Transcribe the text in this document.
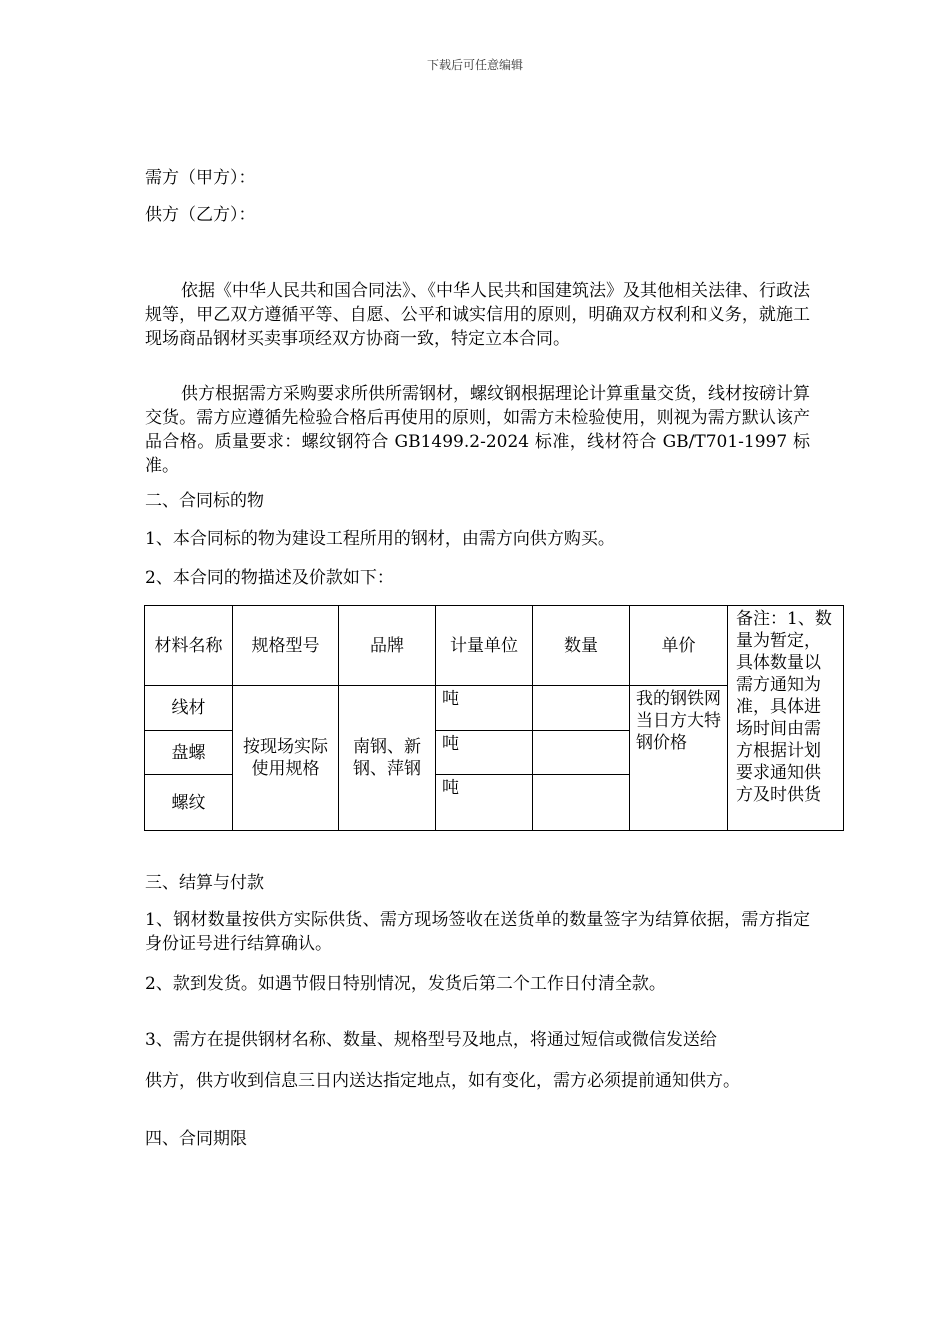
下载后可任意编辑
需方（甲方）：
供方（乙方）：
依据《中华人民共和国合同法》、《中华人民共和国建筑法》及其他相关法律、行政法规等，甲乙双方遵循平等、自愿、公平和诚实信用的原则，明确双方权利和义务，就施工现场商品钢材买卖事项经双方协商一致，特定立本合同。
供方根据需方采购要求所供所需钢材，螺纹钢根据理论计算重量交货，线材按磅计算交货。需方应遵循先检验合格后再使用的原则，如需方未检验使用，则视为需方默认该产品合格。质量要求：螺纹钢符合 GB1499.2-2024 标准，线材符合 GB/T701-1997 标准。
二、合同标的物
1、本合同标的物为建设工程所用的钢材，由需方向供方购买。
2、本合同的物描述及价款如下：
材料名称	规格型号	品牌	计量单位	数量	单价	备注：1、数量为暂定，具体数量以需方通知为准，具体进场时间由需方根据计划要求通知供方及时供货
线材	按现场实际使用规格	南钢、新钢、萍钢	吨		我的钢铁网当日方大特钢价格	
盘螺			吨			
螺纹			吨			
三、结算与付款
1、钢材数量按供方实际供货、需方现场签收在送货单的数量签字为结算依据，需方指定身份证号进行结算确认。
2、款到发货。如遇节假日特别情况，发货后第二个工作日付清全款。
3、需方在提供钢材名称、数量、规格型号及地点，将通过短信或微信发送给
供方，供方收到信息三日内送达指定地点，如有变化，需方必须提前通知供方。
四、合同期限
